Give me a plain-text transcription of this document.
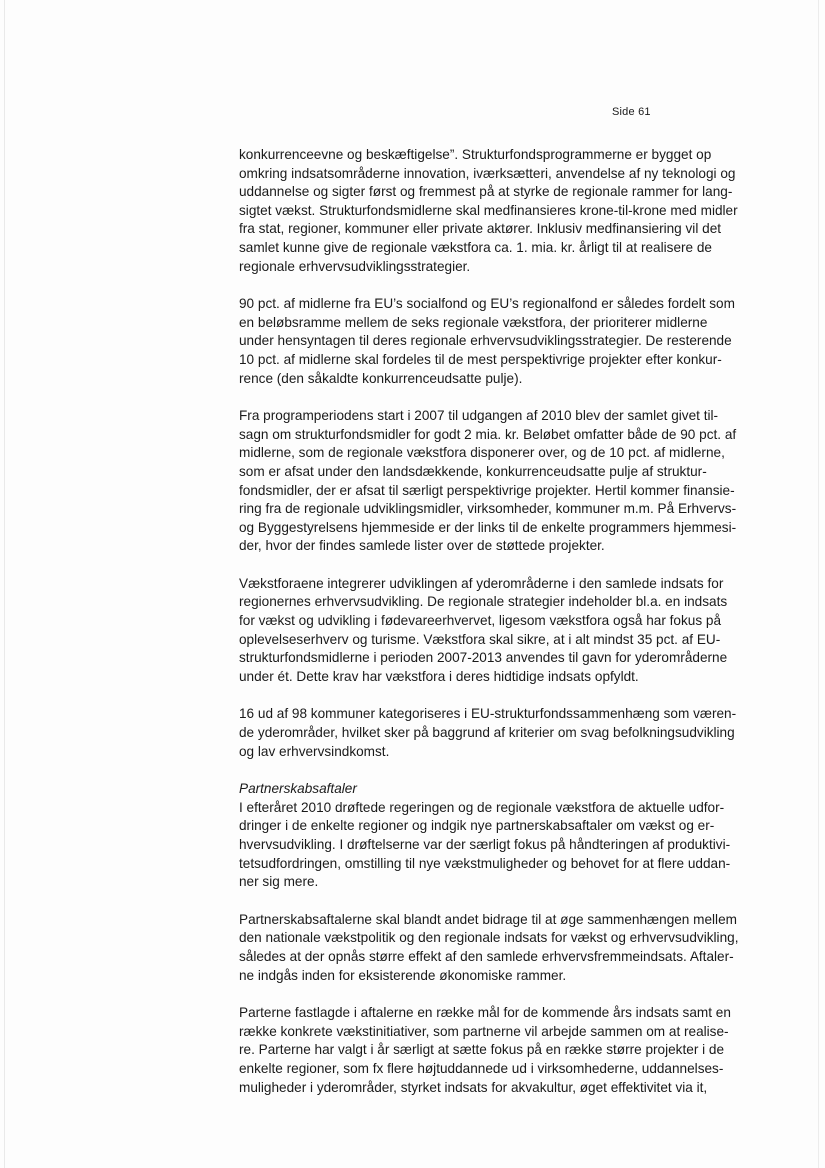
Side 61

konkurrenceevne og beskæftigelse”. Strukturfondsprogrammerne er bygget op
omkring indsatsområderne innovation, iværksætteri, anvendelse af ny teknologi og
uddannelse og sigter først og fremmest på at styrke de regionale rammer for lang-
sigtet vækst. Strukturfondsmidlerne skal medfinansieres krone-til-krone med midler
fra stat, regioner, kommuner eller private aktører. Inklusiv medfinansiering vil det
samlet kunne give de regionale vækstfora ca. 1. mia. kr. årligt til at realisere de
regionale erhvervsudviklingsstrategier.

90 pct. af midlerne fra EU’s socialfond og EU’s regionalfond er således fordelt som
en beløbsramme mellem de seks regionale vækstfora, der prioriterer midlerne
under hensyntagen til deres regionale erhvervsudviklingsstrategier. De resterende
10 pct. af midlerne skal fordeles til de mest perspektivrige projekter efter konkur-
rence (den såkaldte konkurrenceudsatte pulje).

Fra programperiodens start i 2007 til udgangen af 2010 blev der samlet givet til-
sagn om strukturfondsmidler for godt 2 mia. kr. Beløbet omfatter både de 90 pct. af
midlerne, som de regionale vækstfora disponerer over, og de 10 pct. af midlerne,
som er afsat under den landsdækkende, konkurrenceudsatte pulje af struktur-
fondsmidler, der er afsat til særligt perspektivrige projekter. Hertil kommer finansie-
ring fra de regionale udviklingsmidler, virksomheder, kommuner m.m. På Erhvervs-
og Byggestyrelsens hjemmeside er der links til de enkelte programmers hjemmesi-
der, hvor der findes samlede lister over de støttede projekter.

Vækstforaene integrerer udviklingen af yderområderne i den samlede indsats for
regionernes erhvervsudvikling. De regionale strategier indeholder bl.a. en indsats
for vækst og udvikling i fødevareerhvervet, ligesom vækstfora også har fokus på
oplevelseserhverv og turisme. Vækstfora skal sikre, at i alt mindst 35 pct. af EU-
strukturfondsmidlerne i perioden 2007-2013 anvendes til gavn for yderområderne
under ét. Dette krav har vækstfora i deres hidtidige indsats opfyldt.

16 ud af 98 kommuner kategoriseres i EU-strukturfondssammenhæng som væren-
de yderområder, hvilket sker på baggrund af kriterier om svag befolkningsudvikling
og lav erhvervsindkomst.

Partnerskabsaftaler

I efteråret 2010 drøftede regeringen og de regionale vækstfora de aktuelle udfor-
dringer i de enkelte regioner og indgik nye partnerskabsaftaler om vækst og er-
hvervsudvikling. I drøftelserne var der særligt fokus på håndteringen af produktivi-
tetsudfordringen, omstilling til nye vækstmuligheder og behovet for at flere uddan-
ner sig mere.

Partnerskabsaftalerne skal blandt andet bidrage til at øge sammenhængen mellem
den nationale vækstpolitik og den regionale indsats for vækst og erhvervsudvikling,
således at der opnås større effekt af den samlede erhvervsfremmeindsats. Aftaler-
ne indgås inden for eksisterende økonomiske rammer.

Parterne fastlagde i aftalerne en række mål for de kommende års indsats samt en
række konkrete vækstinitiativer, som partnerne vil arbejde sammen om at realise-
re. Parterne har valgt i år særligt at sætte fokus på en række større projekter i de
enkelte regioner, som fx flere højtuddannede ud i virksomhederne, uddannelses-
muligheder i yderområder, styrket indsats for akvakultur, øget effektivitet via it,
